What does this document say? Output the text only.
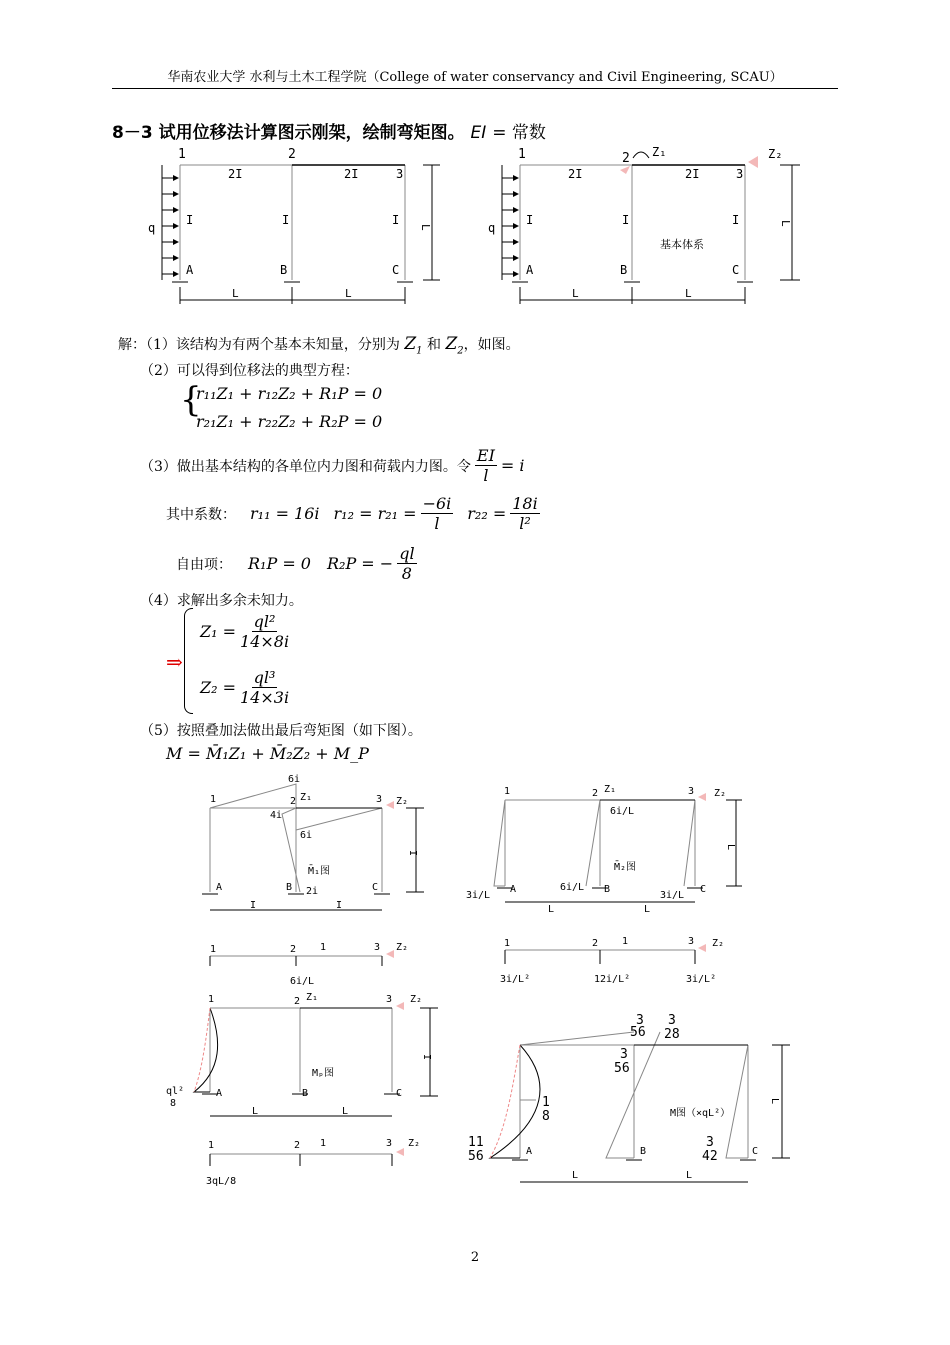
华南农业大学 水利与土木工程学院（College of water conservancy and Civil Engineering, SCAU）
8－3 试用位移法计算图示刚架，绘制弯矩图。 EI = 常数
1	2
3
2I	2I
I	I	I
q
A	B	C
L	L
L
1	2 Z₁	Z₂
3
2I	2I
I	I	I
q
基本体系
A	B	C
L	L
L
解：（1）该结构为有两个基本未知量，分别为 $Z_1$ 和 $Z_2$，如图。
（2）可以得到位移法的典型方程：
{
r₁₁Z₁ + r₁₂Z₂ + R₁P = 0
r₂₁Z₁ + r₂₂Z₂ + R₂P = 0
（3）做出基本结构的各单位内力图和荷载内力图。令 $\frac{EI}{l} = i$
其中系数： r₁₁ = 16i $r_{12} = r_{21} = \frac{-6i}{l} r_{22} = \frac{18i}{\text{l²}}$
自由项： R₁P = 0 R₂P = − $\frac{ql}{8}$
（4）求解出多余未知力。
⇒
$Z_1 = \frac{\text{ql²}}{14\times 8i}$
$Z_2 = \frac{\text{ql³}}{14\times 3i}$
（5）按照叠加法做出最后弯矩图（如下图）。
M = M̄₁Z₁ + M̄₂Z₂ + M_P
1	2 Z₁	3 Z₂
6i
4i
6i
M̄₁图
A	B 2i	C
I	I
I
1	2 1	3 Z₂
6i/L
1	2 Z₁	3 Z₂
6i/L
M̄₂图
3i/L
A	6i/L B
3i/L
C
L	L
L
1	2 1	3 Z₂
3i/L²	12i/L²	3i/L²
1	2 Z₁	3 Z₂
Mₚ图
ql²
8
A	B	C
L	L
I
1	2 1	3 Z₂
3qL/8
3
56
3
28
3
56
1
8
11
56
3
42
M图（×qL²）
A	B	C
L	L
L
2
